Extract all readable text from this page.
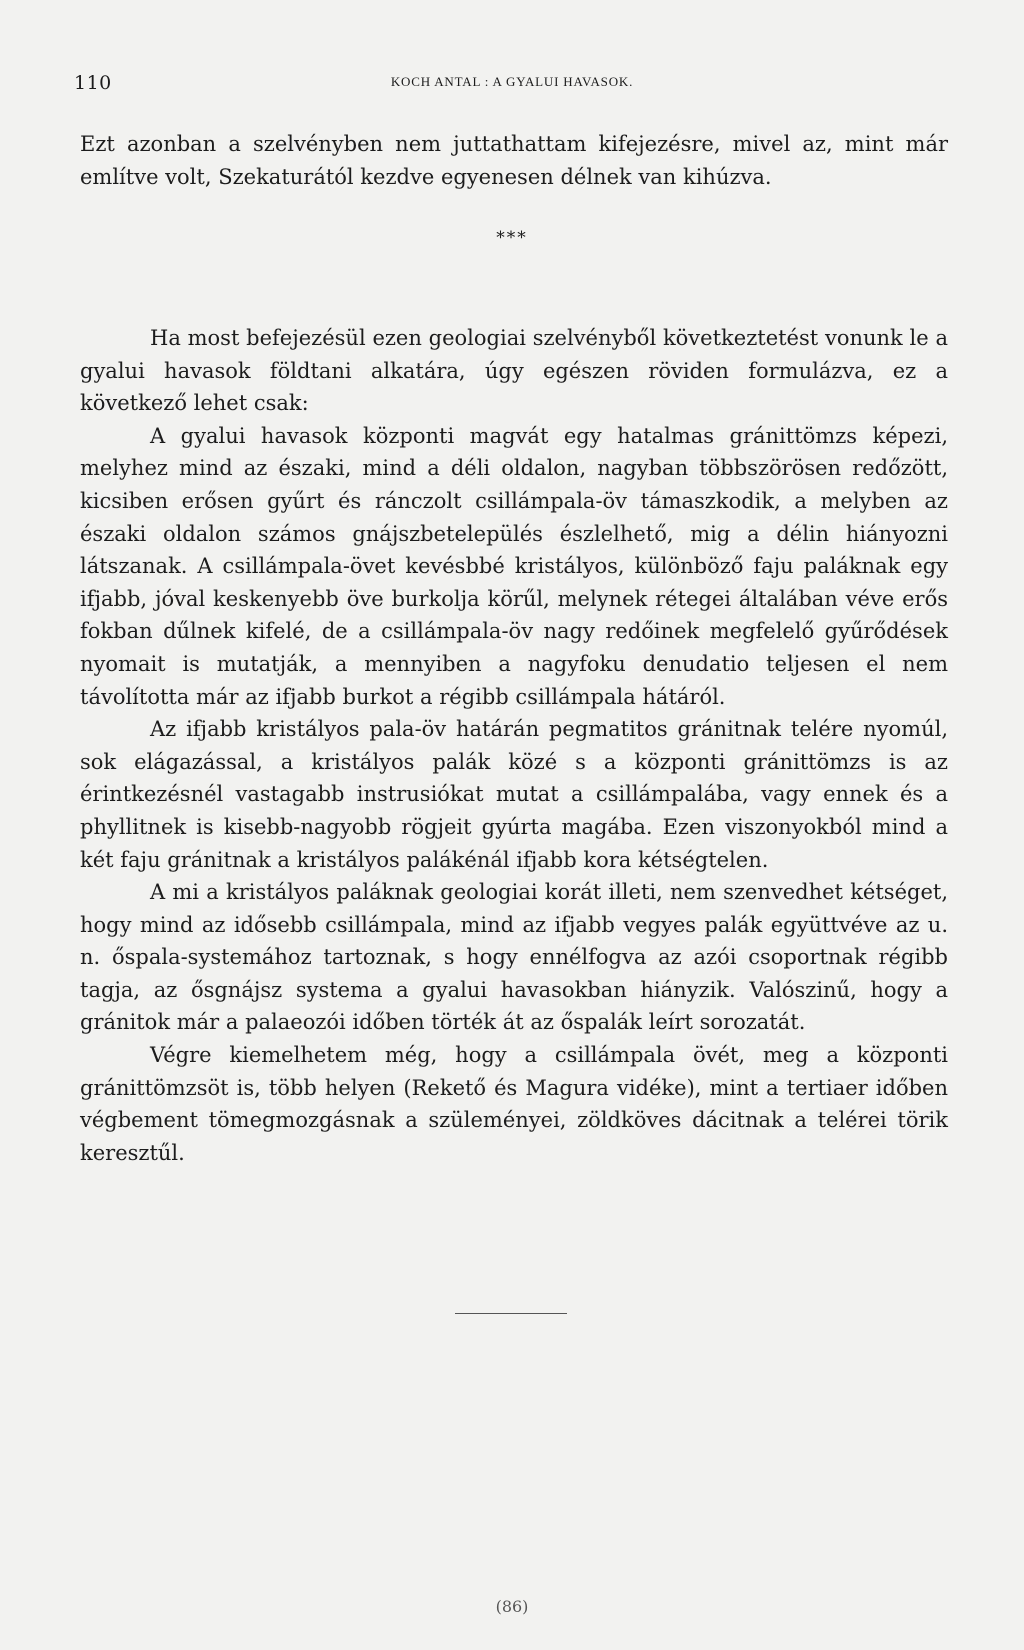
110	KOCH ANTAL : A GYALUI HAVASOK.

Ezt azonban a szelvényben nem juttathattam kifejezésre, mivel az, mint már említve volt, Szekaturától kezdve egyenesen délnek van kihúzva.

***

Ha most befejezésül ezen geologiai szelvényből következtetést vonunk le a gyalui havasok földtani alkatára, úgy egészen röviden formulázva, ez a következő lehet csak:

A gyalui havasok központi magvát egy hatalmas gránittömzs képezi, melyhez mind az északi, mind a déli oldalon, nagyban többszörösen redőzött, kicsiben erősen gyűrt és ránczolt csillámpala-öv támaszkodik, a melyben az északi oldalon számos gnájszbetelepülés észlelhető, mig a délin hiányozni látszanak. A csillámpala-övet kevésbbé kristályos, különböző faju paláknak egy ifjabb, jóval keskenyebb öve burkolja körűl, melynek rétegei általában véve erős fokban dűlnek kifelé, de a csillámpala-öv nagy redőinek megfelelő gyűrődések nyomait is mutatják, a mennyiben a nagyfoku denudatio teljesen el nem távolította már az ifjabb burkot a régibb csillámpala hátáról.

Az ifjabb kristályos pala-öv határán pegmatitos gránitnak telére nyomúl, sok elágazással, a kristályos palák közé s a központi gránittömzs is az érintkezésnél vastagabb instrusiókat mutat a csillámpalába, vagy ennek és a phyllitnek is kisebb-nagyobb rögjeit gyúrta magába. Ezen viszonyokból mind a két faju gránitnak a kristályos palákénál ifjabb kora kétségtelen.

A mi a kristályos paláknak geologiai korát illeti, nem szenvedhet kétséget, hogy mind az idősebb csillámpala, mind az ifjabb vegyes palák együttvéve az u. n. őspala-systemához tartoznak, s hogy ennélfogva az azói csoportnak régibb tagja, az ősgnájsz systema a gyalui havasokban hiányzik. Valószinű, hogy a gránitok már a palaeozói időben törték át az őspalák leírt sorozatát.

Végre kiemelhetem még, hogy a csillámpala övét, meg a központi gránittömzsöt is, több helyen (Rekető és Magura vidéke), mint a tertiaer időben végbement tömegmozgásnak a szüleményei, zöldköves dácitnak a telérei törik keresztűl.

(86)
